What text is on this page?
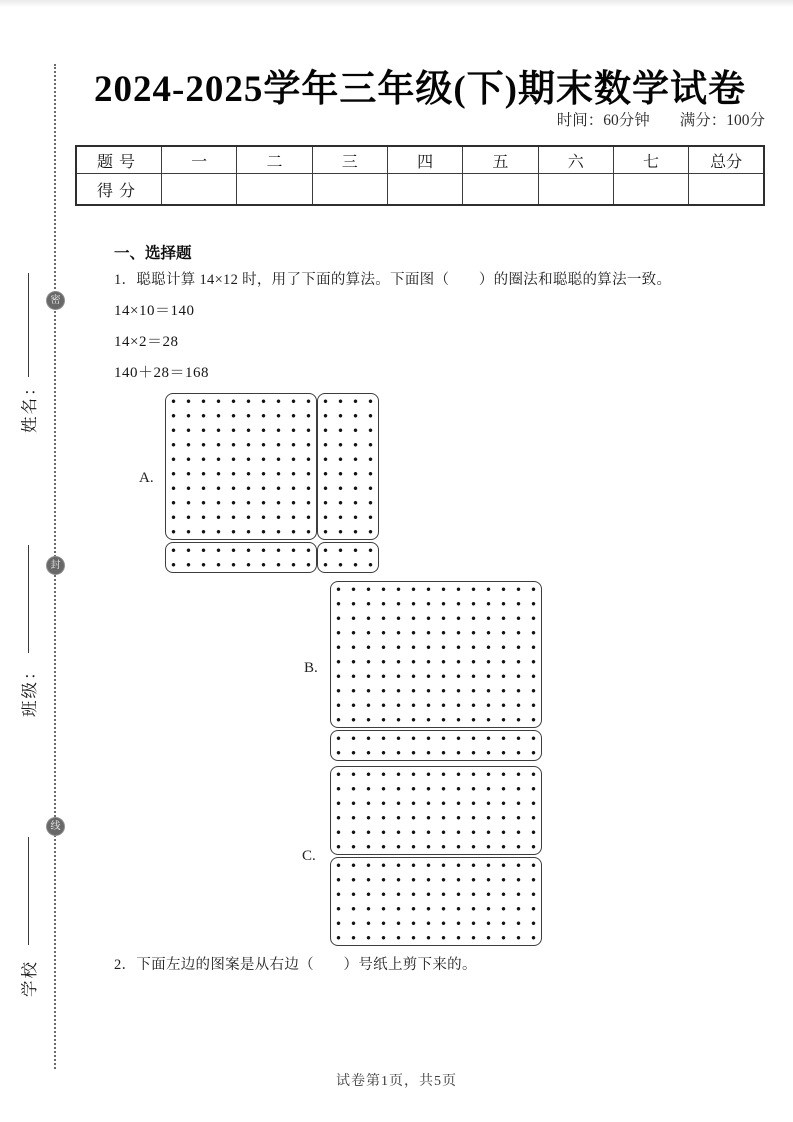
密
封
线
姓名：
班级：
学校
2024-2025学年三年级(下)期末数学试卷
时间：60分钟 满分：100分
题号	一	二	三	四	五	六	七	总分
得分								
一、选择题
1．聪聪计算 14×12 时，用了下面的算法。下面图（　　）的圈法和聪聪的算法一致。
14×10＝140
14×2＝28
140＋28＝168
2．下面左边的图案是从右边（　　）号纸上剪下来的。
试卷第1页，共5页
A.
B.
C.
